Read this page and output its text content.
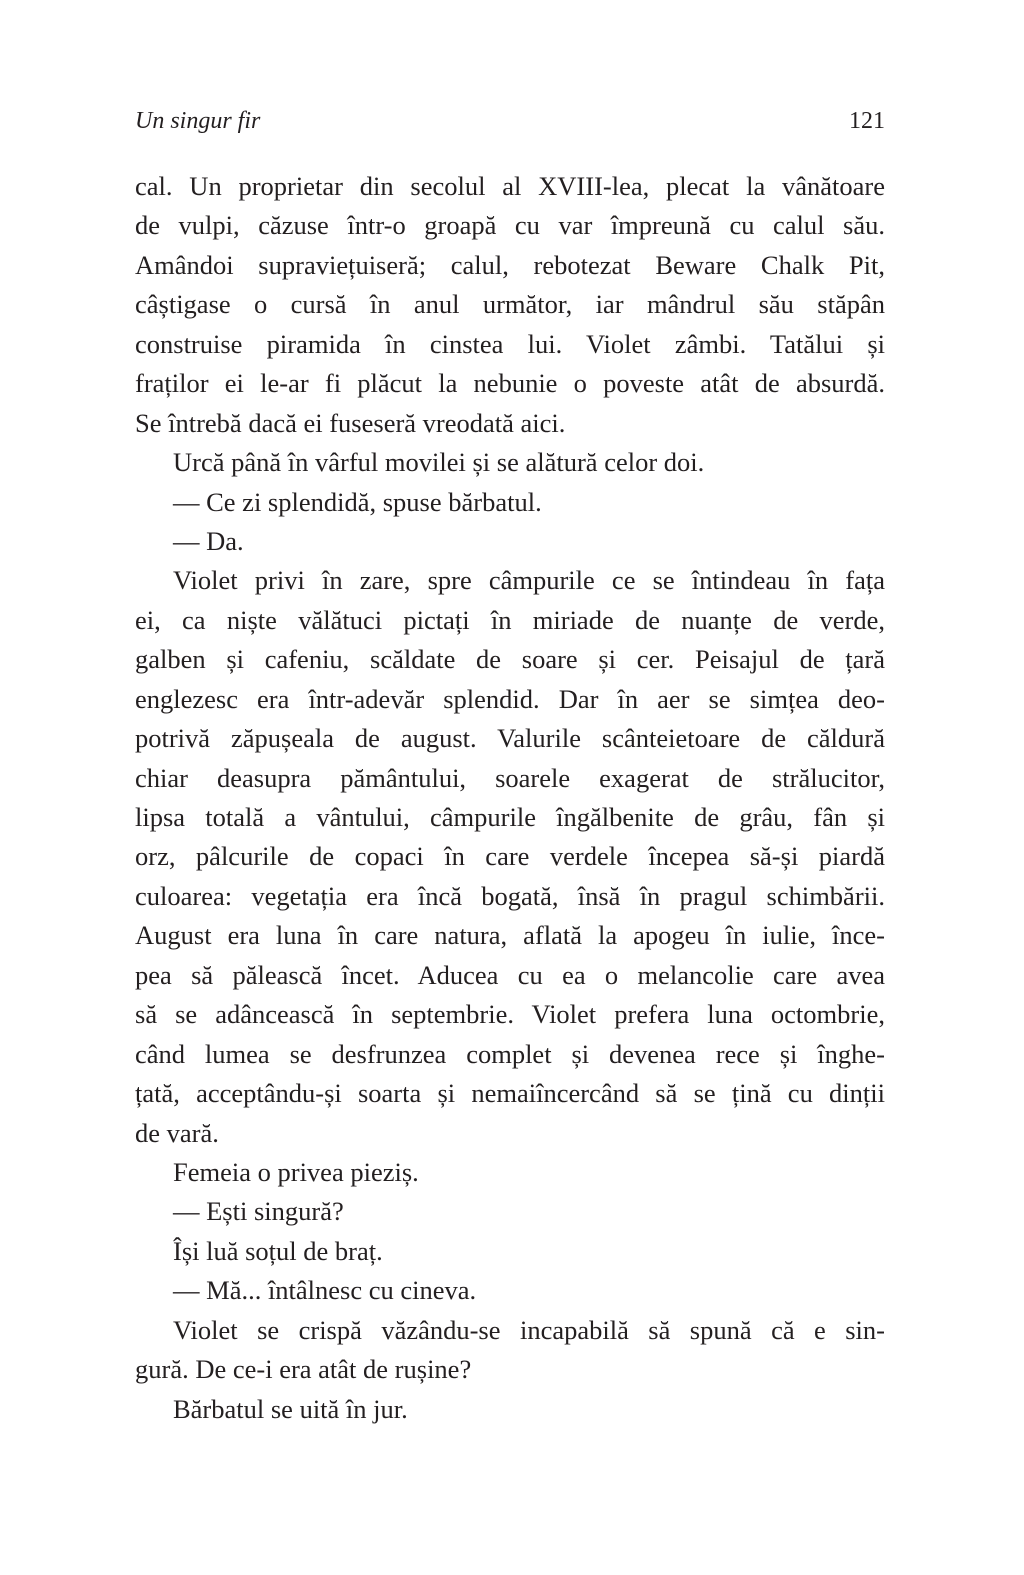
Un singur fir	121
cal. Un proprietar din secolul al XVIII-lea, plecat la vânătoare
de vulpi, căzuse într-o groapă cu var împreună cu calul său.
Amândoi supraviețuiseră; calul, rebotezat Beware Chalk Pit,
câștigase o cursă în anul următor, iar mândrul său stăpân
construise piramida în cinstea lui. Violet zâmbi. Tatălui și
fraților ei le-ar fi plăcut la nebunie o poveste atât de absurdă.
Se întrebă dacă ei fuseseră vreodată aici.
Urcă până în vârful movilei și se alătură celor doi.
— Ce zi splendidă, spuse bărbatul.
— Da.
Violet privi în zare, spre câmpurile ce se întindeau în fața
ei, ca niște vălătuci pictați în miriade de nuanțe de verde,
galben și cafeniu, scăldate de soare și cer. Peisajul de țară
englezesc era într-adevăr splendid. Dar în aer se simțea deo-
potrivă zăpușeala de august. Valurile scânteietoare de căldură
chiar deasupra pământului, soarele exagerat de strălucitor,
lipsa totală a vântului, câmpurile îngălbenite de grâu, fân și
orz, pâlcurile de copaci în care verdele începea să-și piardă
culoarea: vegetația era încă bogată, însă în pragul schimbării.
August era luna în care natura, aflată la apogeu în iulie, înce-
pea să pălească încet. Aducea cu ea o melancolie care avea
să se adâncească în septembrie. Violet prefera luna octombrie,
când lumea se desfrunzea complet și devenea rece și înghe-
țată, acceptându-și soarta și nemaiîncercând să se țină cu dinții
de vară.
Femeia o privea pieziș.
— Ești singură?
Își luă soțul de braț.
— Mă... întâlnesc cu cineva.
Violet se crispă văzându-se incapabilă să spună că e sin-
gură. De ce-i era atât de rușine?
Bărbatul se uită în jur.
